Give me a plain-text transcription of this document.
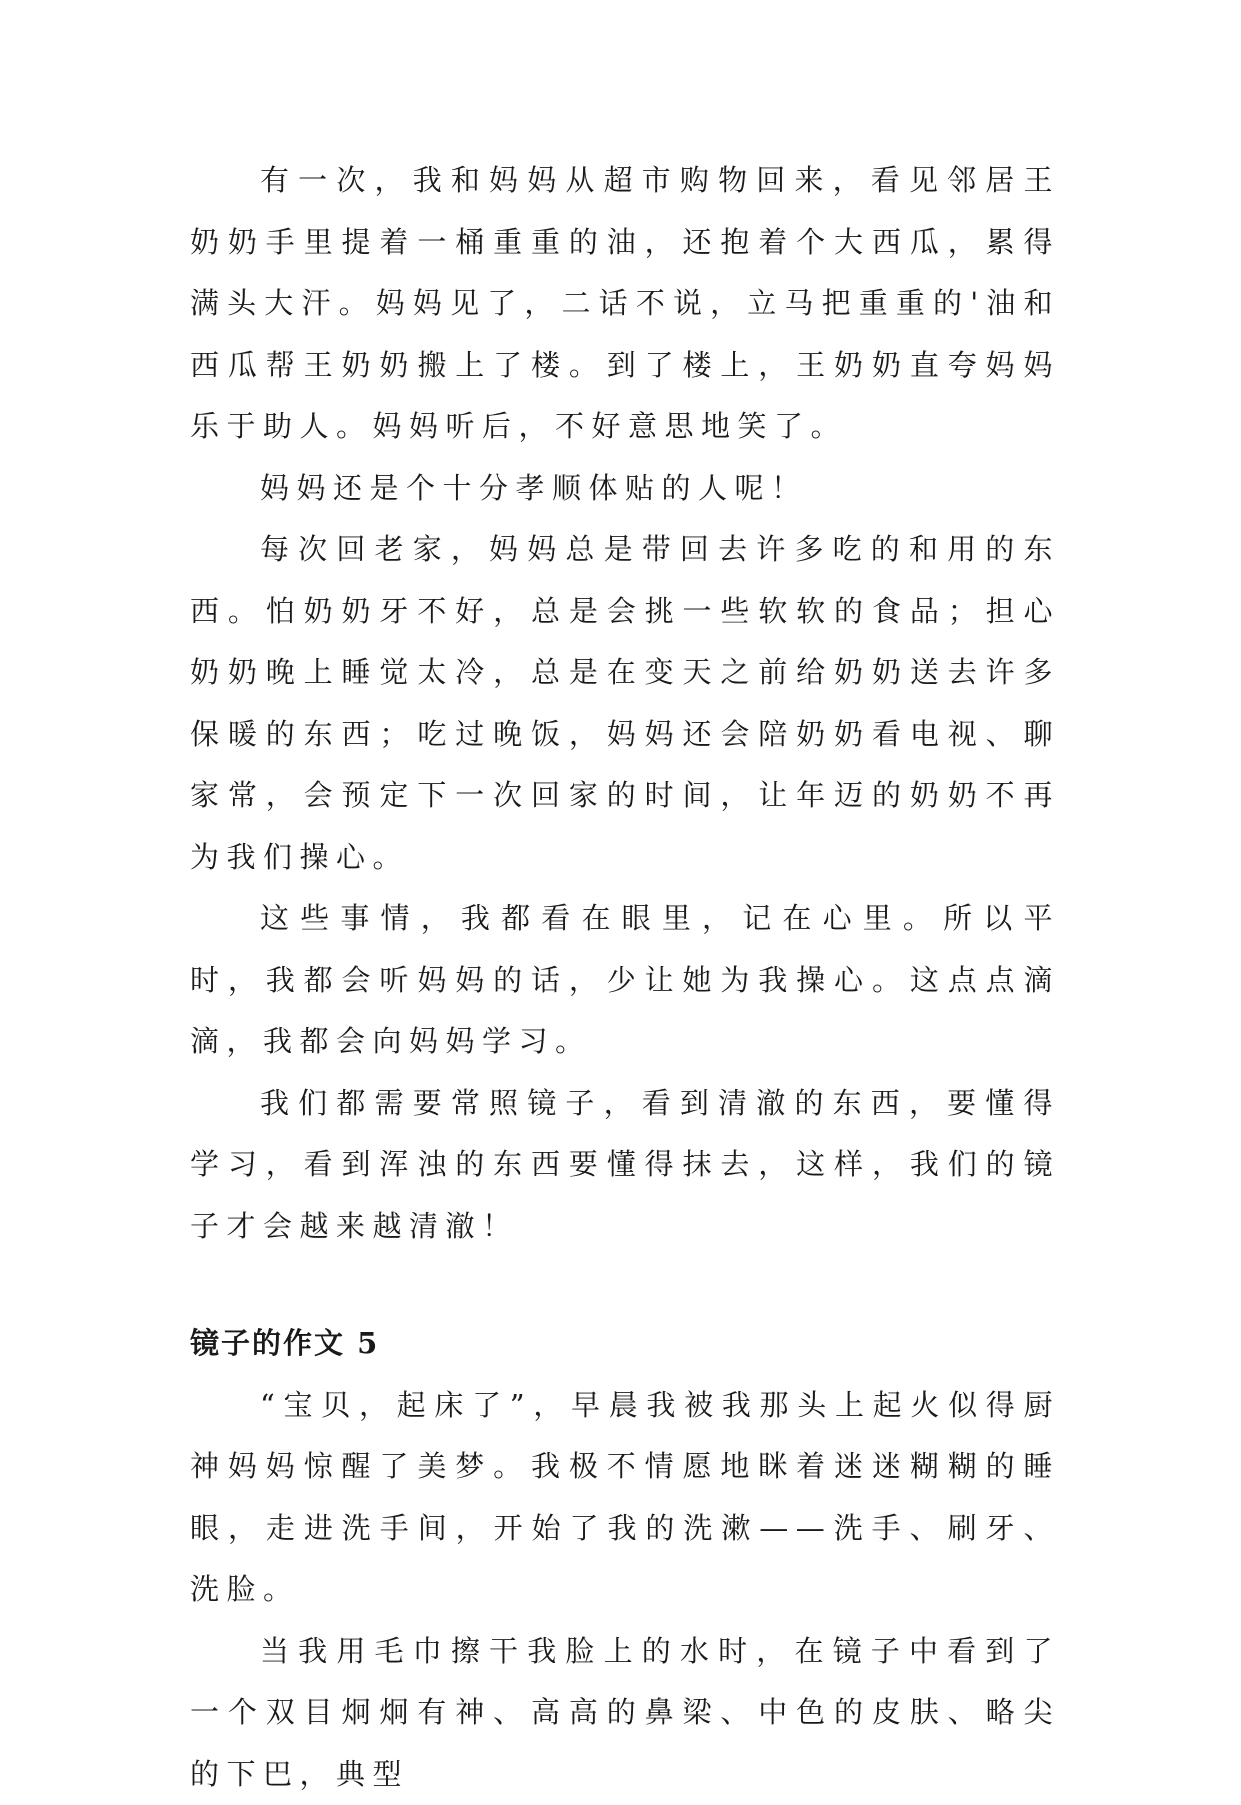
有一次，我和妈妈从超市购物回来，看见邻居王奶奶手里提着一桶重重的油，还抱着个大西瓜，累得满头大汗。妈妈见了，二话不说，立马把重重的'油和西瓜帮王奶奶搬上了楼。到了楼上，王奶奶直夸妈妈乐于助人。妈妈听后，不好意思地笑了。

妈妈还是个十分孝顺体贴的人呢！

每次回老家，妈妈总是带回去许多吃的和用的东西。怕奶奶牙不好，总是会挑一些软软的食品；担心奶奶晚上睡觉太冷，总是在变天之前给奶奶送去许多保暖的东西；吃过晚饭，妈妈还会陪奶奶看电视、聊家常，会预定下一次回家的时间，让年迈的奶奶不再为我们操心。

这些事情，我都看在眼里，记在心里。所以平时，我都会听妈妈的话，少让她为我操心。这点点滴滴，我都会向妈妈学习。

我们都需要常照镜子，看到清澈的东西，要懂得学习，看到浑浊的东西要懂得抹去，这样，我们的镜子才会越来越清澈！

镜子的作文 5

“宝贝，起床了”，早晨我被我那头上起火似得厨神妈妈惊醒了美梦。我极不情愿地眯着迷迷糊糊的睡眼，走进洗手间，开始了我的洗漱——洗手、刷牙、洗脸。

当我用毛巾擦干我脸上的水时，在镜子中看到了一个双目炯炯有神、高高的鼻梁、中色的皮肤、略尖的下巴，典型
